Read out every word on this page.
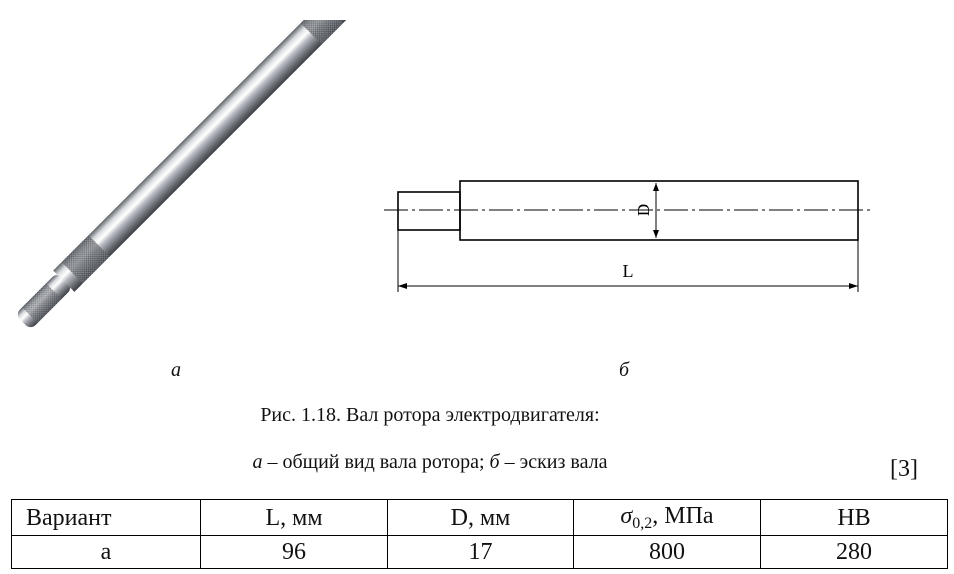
D
L
а	б
Рис. 1.18. Вал ротора электродвигателя:
а – общий вид вала ротора; б – эскиз вала	[3]
Вариант	L, мм	D, мм	$\sigma_{0,2}$, МПа	HB
а	96	17	800	280
